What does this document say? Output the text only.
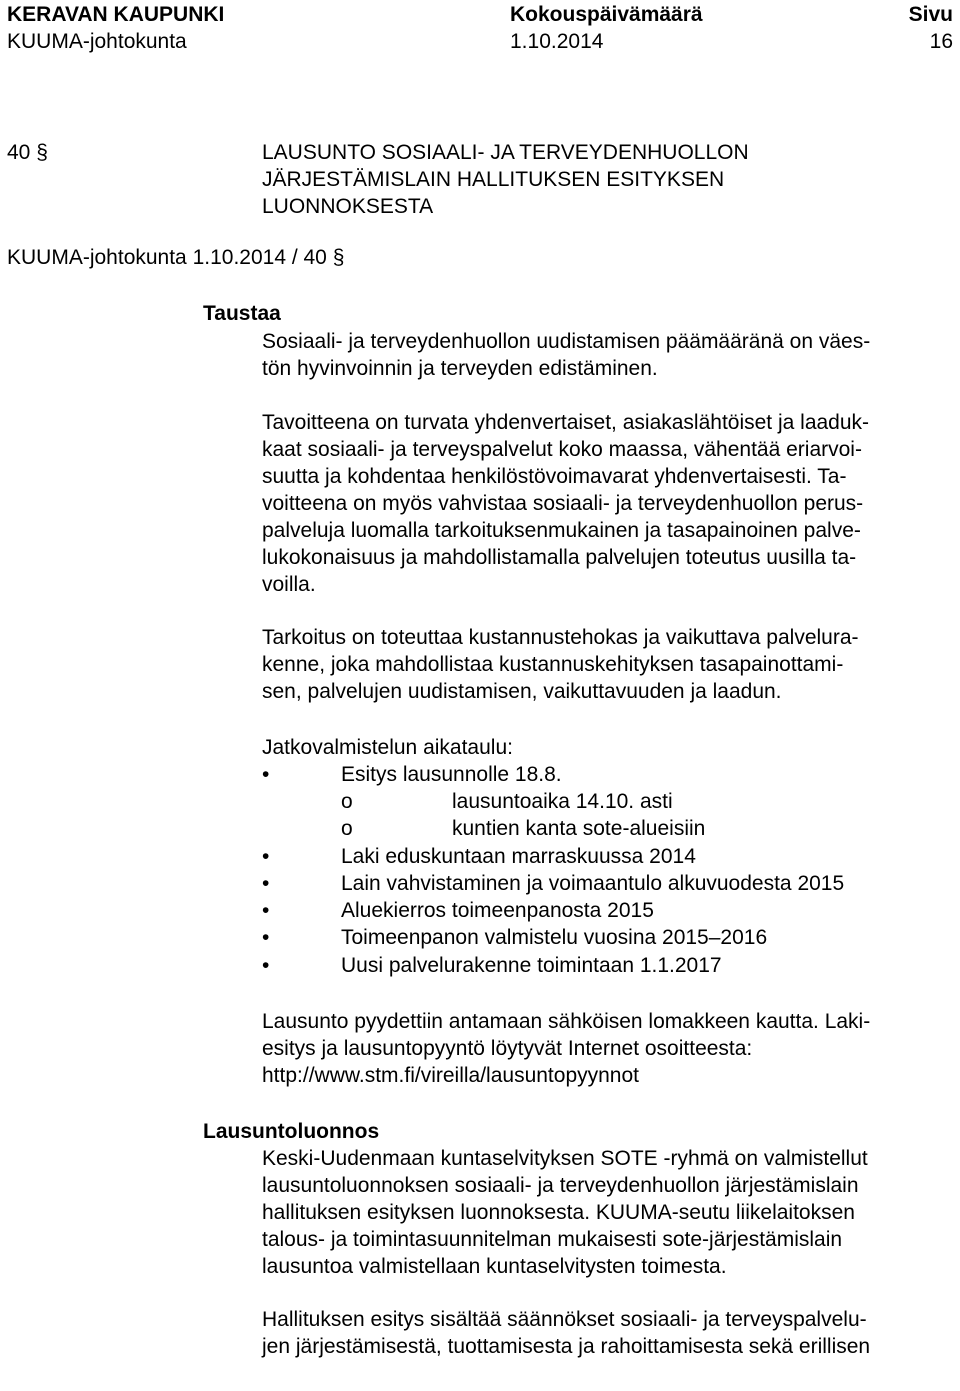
KERAVAN KAUPUNKI
KUUMA-johtokunta
Kokouspäivämäärä
1.10.2014
Sivu
16
40 §	LAUSUNTO SOSIAALI- JA TERVEYDENHUOLLON
JÄRJESTÄMISLAIN HALLITUKSEN ESITYKSEN
LUONNOKSESTA
KUUMA-johtokunta 1.10.2014 / 40 §
Taustaa
Sosiaali- ja terveydenhuollon uudistamisen päämääränä on väes-
tön hyvinvoinnin ja terveyden edistäminen.
Tavoitteena on turvata yhdenvertaiset, asiakaslähtöiset ja laaduk-
kaat sosiaali- ja terveyspalvelut koko maassa, vähentää eriarvoi-
suutta ja kohdentaa henkilöstövoimavarat yhdenvertaisesti. Ta-
voitteena on myös vahvistaa sosiaali- ja terveydenhuollon perus-
palveluja luomalla tarkoituksenmukainen ja tasapainoinen palve-
lukokonaisuus ja mahdollistamalla palvelujen toteutus uusilla ta-
voilla.
Tarkoitus on toteuttaa kustannustehokas ja vaikuttava palvelura-
kenne, joka mahdollistaa kustannuskehityksen tasapainottami-
sen, palvelujen uudistamisen, vaikuttavuuden ja laadun.
Jatkovalmistelun aikataulu:
•	Esitys lausunnolle 18.8.
o	lausuntoaika 14.10. asti
o	kuntien kanta sote-alueisiin
•	Laki eduskuntaan marraskuussa 2014
•	Lain vahvistaminen ja voimaantulo alkuvuodesta 2015
•	Aluekierros toimeenpanosta 2015
•	Toimeenpanon valmistelu vuosina 2015–2016
•	Uusi palvelurakenne toimintaan 1.1.2017
Lausunto pyydettiin antamaan sähköisen lomakkeen kautta. Laki-
esitys ja lausuntopyyntö löytyvät Internet osoitteesta:
http://www.stm.fi/vireilla/lausuntopyynnot
Lausuntoluonnos
Keski-Uudenmaan kuntaselvityksen SOTE -ryhmä on valmistellut
lausuntoluonnoksen sosiaali- ja terveydenhuollon järjestämislain
hallituksen esityksen luonnoksesta. KUUMA-seutu liikelaitoksen
talous- ja toimintasuunnitelman mukaisesti sote-järjestämislain
lausuntoa valmistellaan kuntaselvitysten toimesta.
Hallituksen esitys sisältää säännökset sosiaali- ja terveyspalvelu-
jen järjestämisestä, tuottamisesta ja rahoittamisesta sekä erillisen
